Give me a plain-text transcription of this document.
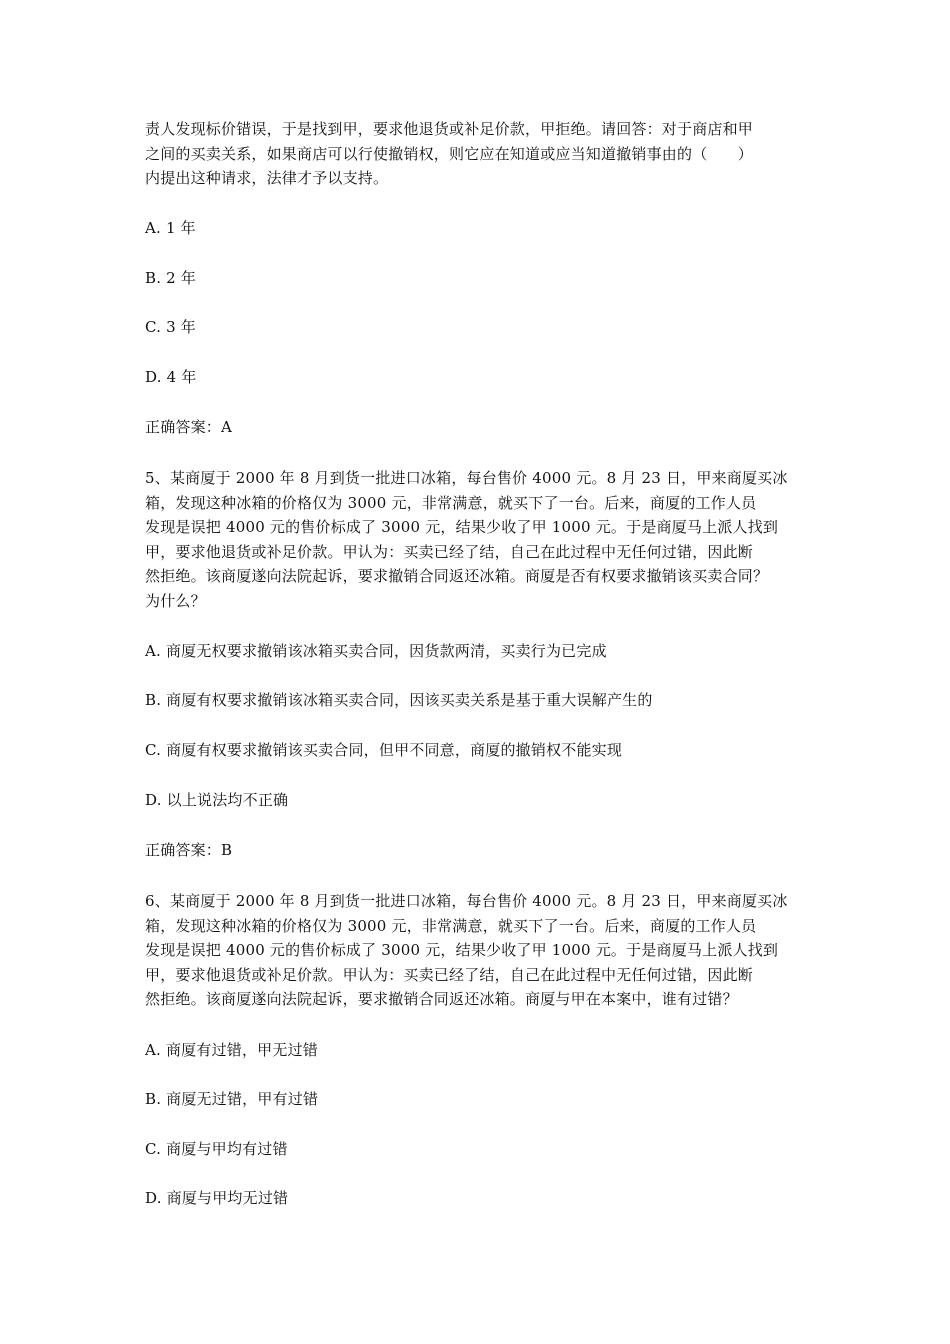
责人发现标价错误，于是找到甲，要求他退货或补足价款，甲拒绝。请回答：对于商店和甲
之间的买卖关系，如果商店可以行使撤销权，则它应在知道或应当知道撤销事由的（　　）
内提出这种请求，法律才予以支持。
A. 1 年
B. 2 年
C. 3 年
D. 4 年
正确答案：A
5、某商厦于 2000 年 8 月到货一批进口冰箱，每台售价 4000 元。8 月 23 日，甲来商厦买冰
箱，发现这种冰箱的价格仅为 3000 元，非常满意，就买下了一台。后来，商厦的工作人员
发现是误把 4000 元的售价标成了 3000 元，结果少收了甲 1000 元。于是商厦马上派人找到
甲，要求他退货或补足价款。甲认为：买卖已经了结，自己在此过程中无任何过错，因此断
然拒绝。该商厦遂向法院起诉，要求撤销合同返还冰箱。商厦是否有权要求撤销该买卖合同？
为什么？
A. 商厦无权要求撤销该冰箱买卖合同，因货款两清，买卖行为已完成
B. 商厦有权要求撤销该冰箱买卖合同，因该买卖关系是基于重大误解产生的
C. 商厦有权要求撤销该买卖合同，但甲不同意，商厦的撤销权不能实现
D. 以上说法均不正确
正确答案：B
6、某商厦于 2000 年 8 月到货一批进口冰箱，每台售价 4000 元。8 月 23 日，甲来商厦买冰
箱，发现这种冰箱的价格仅为 3000 元，非常满意，就买下了一台。后来，商厦的工作人员
发现是误把 4000 元的售价标成了 3000 元，结果少收了甲 1000 元。于是商厦马上派人找到
甲，要求他退货或补足价款。甲认为：买卖已经了结，自己在此过程中无任何过错，因此断
然拒绝。该商厦遂向法院起诉，要求撤销合同返还冰箱。商厦与甲在本案中，谁有过错？
A. 商厦有过错，甲无过错
B. 商厦无过错，甲有过错
C. 商厦与甲均有过错
D. 商厦与甲均无过错
